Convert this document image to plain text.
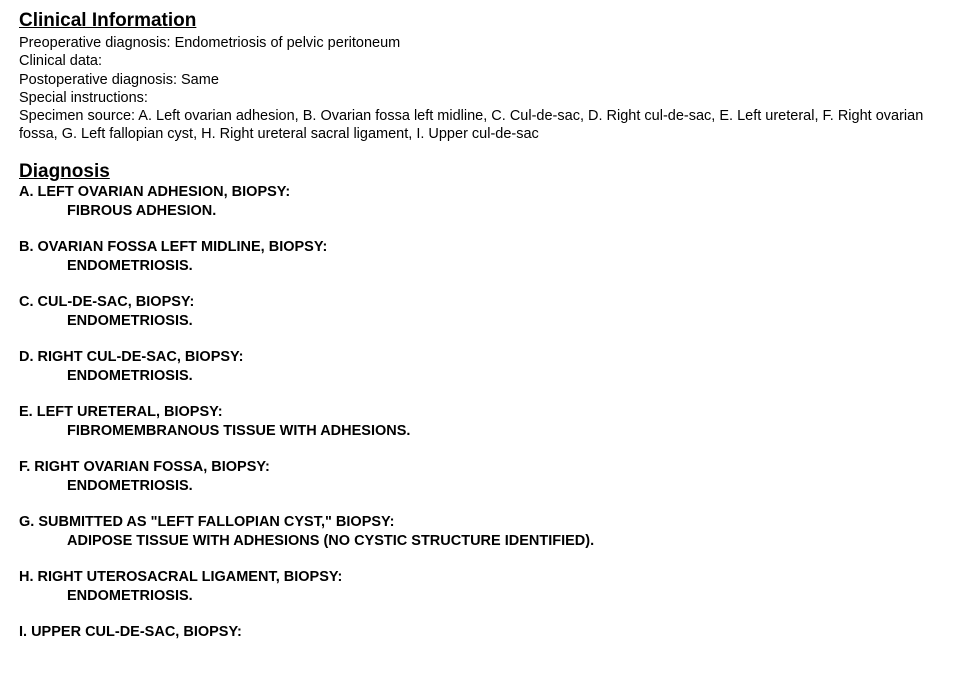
Clinical Information
Preoperative diagnosis: Endometriosis of pelvic peritoneum
Clinical data:
Postoperative diagnosis: Same
Special instructions:
Specimen source: A. Left ovarian adhesion, B. Ovarian fossa left midline, C. Cul-de-sac, D. Right cul-de-sac, E. Left ureteral, F. Right ovarian fossa, G. Left fallopian cyst, H. Right ureteral sacral ligament, I. Upper cul-de-sac
Diagnosis
A. LEFT OVARIAN ADHESION, BIOPSY:
FIBROUS ADHESION.
B. OVARIAN FOSSA LEFT MIDLINE, BIOPSY:
ENDOMETRIOSIS.
C. CUL-DE-SAC, BIOPSY:
ENDOMETRIOSIS.
D. RIGHT CUL-DE-SAC, BIOPSY:
ENDOMETRIOSIS.
E. LEFT URETERAL, BIOPSY:
FIBROMEMBRANOUS TISSUE WITH ADHESIONS.
F. RIGHT OVARIAN FOSSA, BIOPSY:
ENDOMETRIOSIS.
G. SUBMITTED AS "LEFT FALLOPIAN CYST," BIOPSY:
ADIPOSE TISSUE WITH ADHESIONS (NO CYSTIC STRUCTURE IDENTIFIED).
H. RIGHT UTEROSACRAL LIGAMENT, BIOPSY:
ENDOMETRIOSIS.
I. UPPER CUL-DE-SAC, BIOPSY:
